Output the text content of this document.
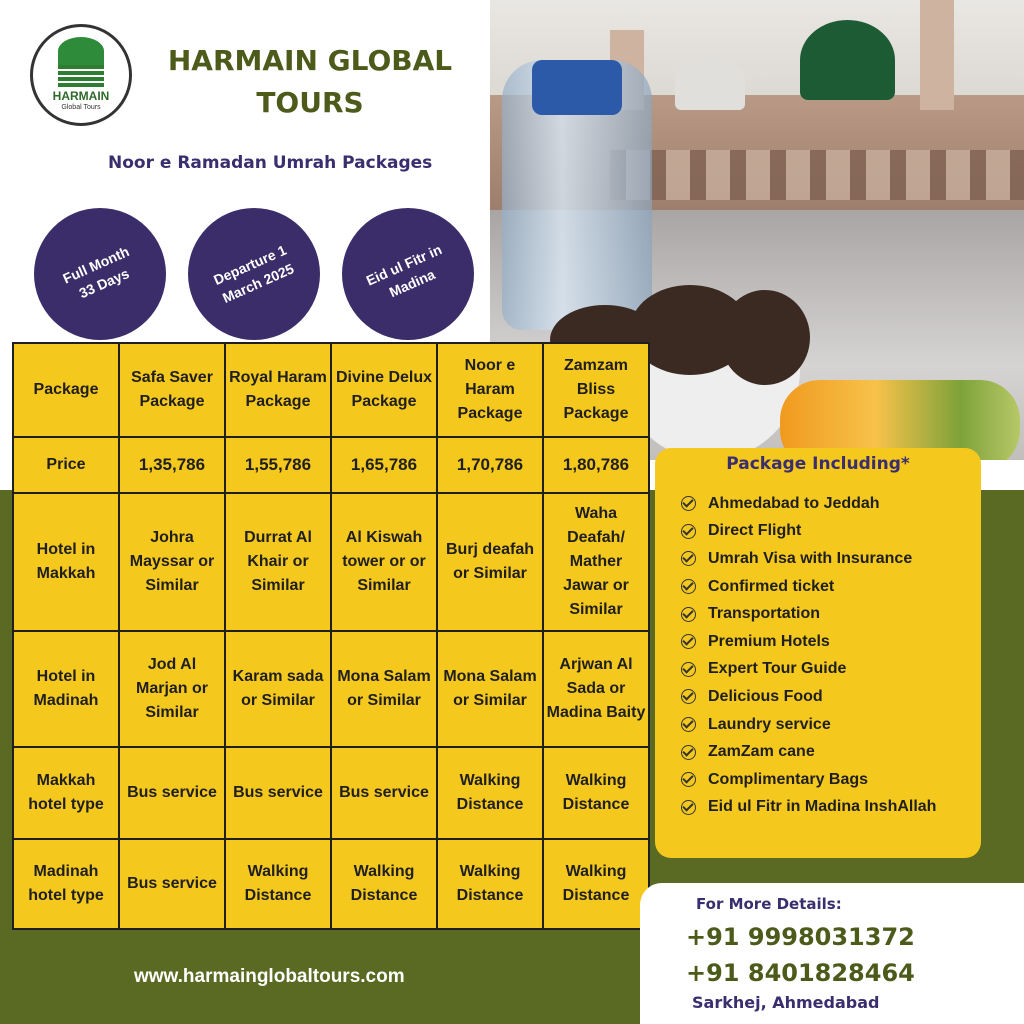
HARMAIN
Global Tours
HARMAIN GLOBAL TOURS
Noor e Ramadan Umrah Packages
Full Month 33 Days	Departure 1 March 2025	Eid ul Fitr in Madina
Package	Safa Saver Package	Royal Haram Package	Divine Delux Package	Noor e Haram Package	Zamzam Bliss Package
Price	1,35,786	1,55,786	1,65,786	1,70,786	1,80,786
Hotel in Makkah	Johra Mayssar or Similar	Durrat Al Khair or Similar	Al Kiswah tower or or Similar	Burj deafah or Similar	Waha Deafah/ Mather Jawar or Similar
Hotel in Madinah	Jod Al Marjan or Similar	Karam sada or Similar	Mona Salam or Similar	Mona Salam or Similar	Arjwan Al Sada or Madina Baity
Makkah hotel type	Bus service	Bus service	Bus service	Walking Distance	Walking Distance
Madinah hotel type	Bus service	Walking Distance	Walking Distance	Walking Distance	Walking Distance
Package Including*
Ahmedabad to Jeddah
Direct Flight
Umrah Visa with Insurance
Confirmed ticket
Transportation
Premium Hotels
Expert Tour Guide
Delicious Food
Laundry service
ZamZam cane
Complimentary Bags
Eid ul Fitr in Madina InshAllah
For More Details:
+91 9998031372
+91 8401828464
Sarkhej, Ahmedabad
www.harmainglobaltours.com
